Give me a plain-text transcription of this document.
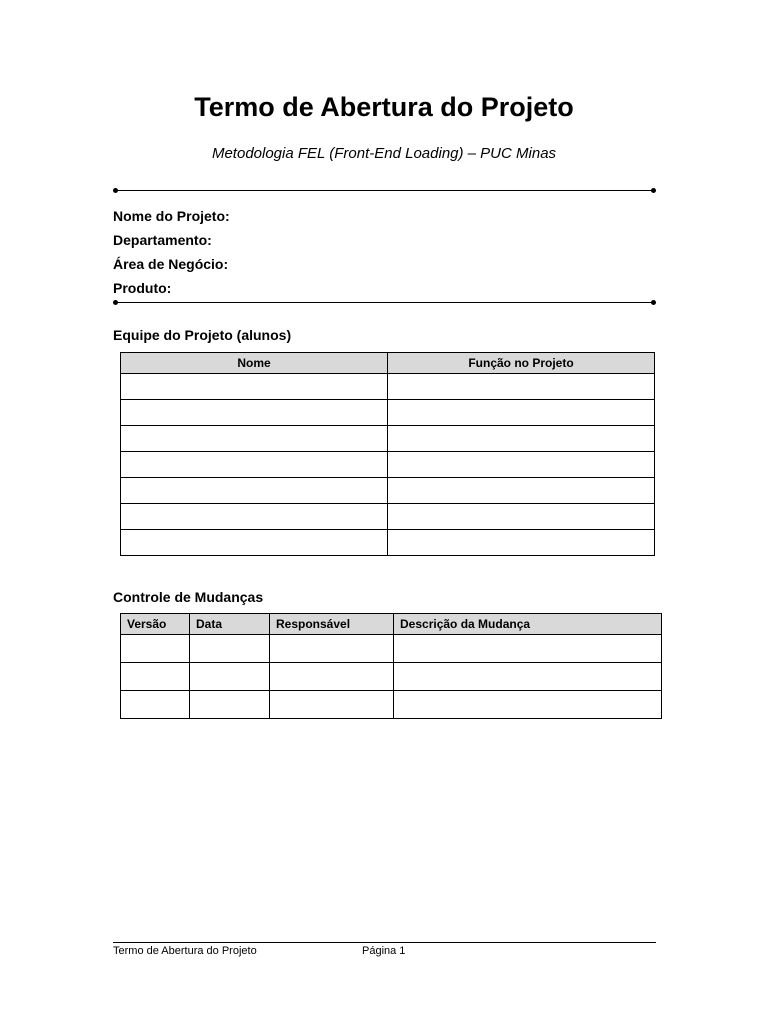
Termo de Abertura do Projeto
Metodologia FEL (Front-End Loading) – PUC Minas
Nome do Projeto:
Departamento:
Área de Negócio:
Produto:
Equipe do Projeto (alunos)
Nome	Função no Projeto

Controle de Mudanças
Versão	Data	Responsável	Descrição da Mudança

Termo de Abertura do Projeto	Página 1
